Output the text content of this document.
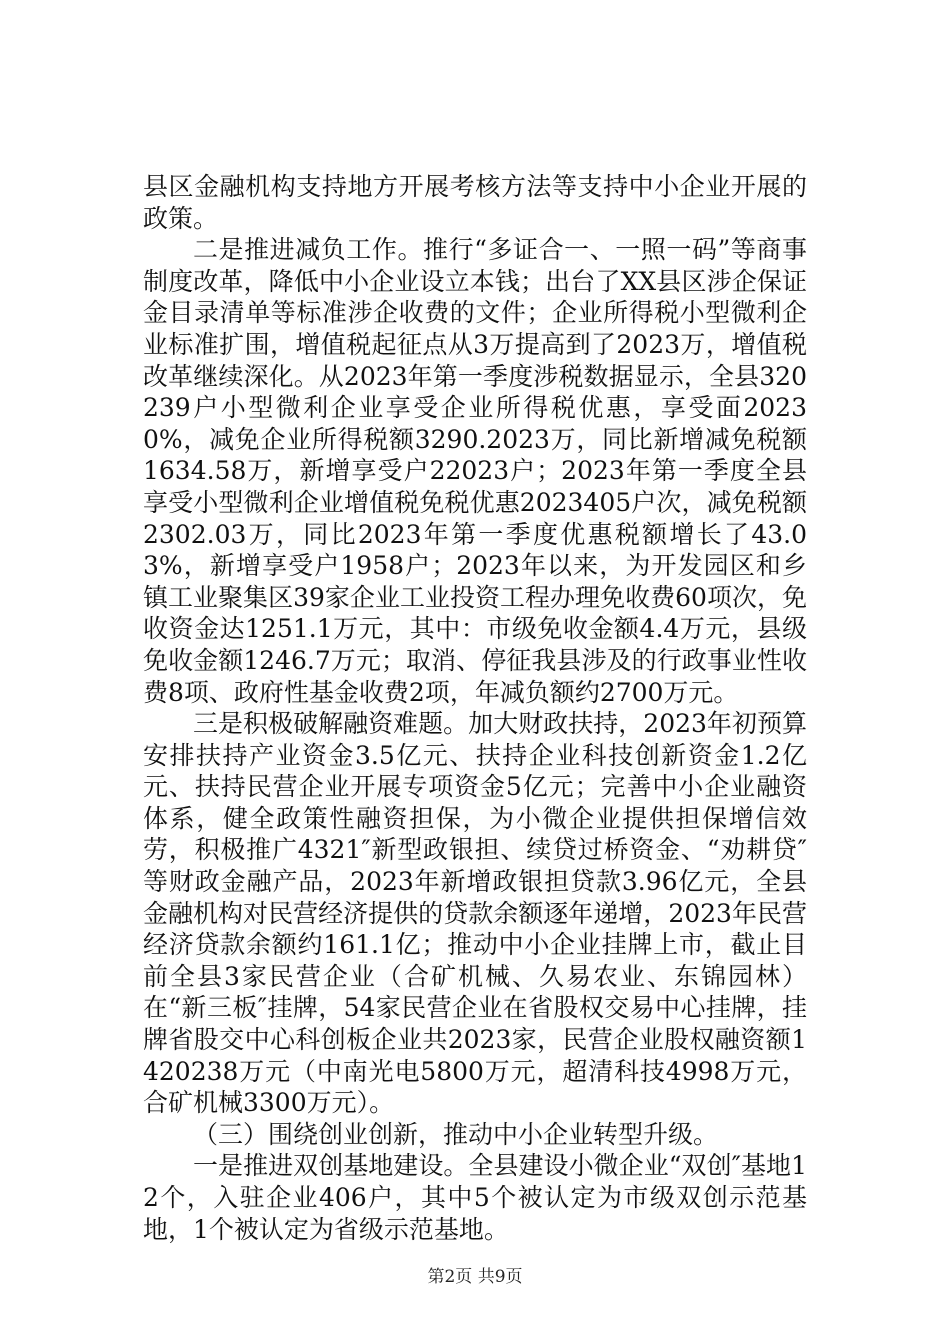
县区金融机构支持地方开展考核方法等支持中小企业开展的政策。

二是推进减负工作。推行“多证合一、一照一码”等商事制度改革，降低中小企业设立本钱；出台了XX县区涉企保证金目录清单等标准涉企收费的文件；企业所得税小型微利企业标准扩围，增值税起征点从3万提高到了2023万，增值税改革继续深化。从2023年第一季度涉税数据显示，全县320239户小型微利企业享受企业所得税优惠，享受面20230%，减免企业所得税额3290.2023万，同比新增减免税额1634.58万，新增享受户22023户；2023年第一季度全县享受小型微利企业增值税免税优惠2023405户次，减免税额2302.03万，同比2023年第一季度优惠税额增长了43.03%，新增享受户1958户；2023年以来，为开发园区和乡镇工业聚集区39家企业工业投资工程办理免收费60项次，免收资金达1251.1万元，其中：市级免收金额4.4万元，县级免收金额1246.7万元；取消、停征我县涉及的行政事业性收费8项、政府性基金收费2项，年减负额约2700万元。

三是积极破解融资难题。加大财政扶持，2023年初预算安排扶持产业资金3.5亿元、扶持企业科技创新资金1.2亿元、扶持民营企业开展专项资金5亿元；完善中小企业融资体系，健全政策性融资担保，为小微企业提供担保增信效劳，积极推广4321″新型政银担、续贷过桥资金、“劝耕贷″等财政金融产品，2023年新增政银担贷款3.96亿元，全县金融机构对民营经济提供的贷款余额逐年递增，2023年民营经济贷款余额约161.1亿；推动中小企业挂牌上市，截止目前全县3家民营企业（合矿机械、久易农业、东锦园林）在“新三板″挂牌，54家民营企业在省股权交易中心挂牌，挂牌省股交中心科创板企业共2023家，民营企业股权融资额1420238万元（中南光电5800万元，超清科技4998万元，合矿机械3300万元）。

（三）围绕创业创新，推动中小企业转型升级。

一是推进双创基地建设。全县建设小微企业“双创″基地12个，入驻企业406户，其中5个被认定为市级双创示范基地，1个被认定为省级示范基地。

第2页 共9页
